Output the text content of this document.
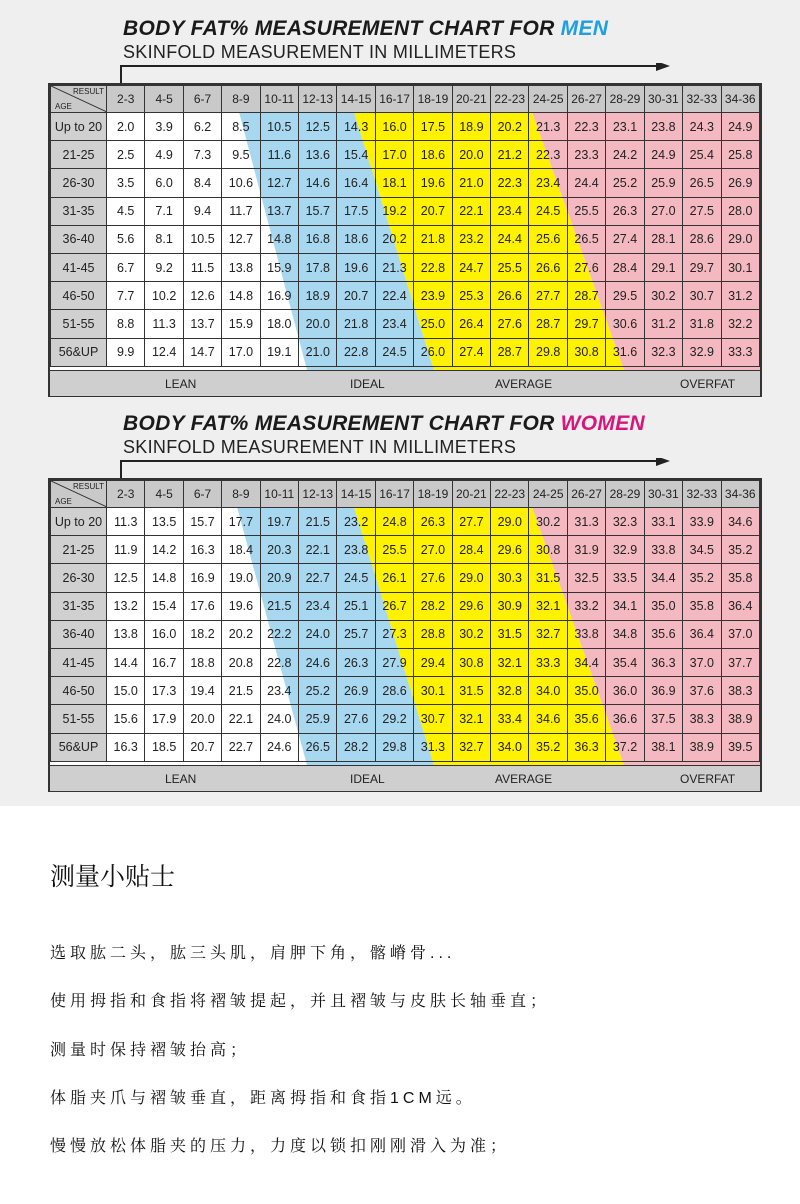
BODY FAT% MEASUREMENT CHART FOR MEN
SKINFOLD MEASUREMENT IN MILLIMETERS
RESULT
AGE	2-3	4-5	6-7	8-9	10-11	12-13	14-15	16-17	18-19	20-21	22-23	24-25	26-27	28-29	30-31	32-33	34-36
Up to 20	2.0	3.9	6.2	8.5	10.5	12.5	14.3	16.0	17.5	18.9	20.2	21.3	22.3	23.1	23.8	24.3	24.9
21-25	2.5	4.9	7.3	9.5	11.6	13.6	15.4	17.0	18.6	20.0	21.2	22.3	23.3	24.2	24.9	25.4	25.8
26-30	3.5	6.0	8.4	10.6	12.7	14.6	16.4	18.1	19.6	21.0	22.3	23.4	24.4	25.2	25.9	26.5	26.9
31-35	4.5	7.1	9.4	11.7	13.7	15.7	17.5	19.2	20.7	22.1	23.4	24.5	25.5	26.3	27.0	27.5	28.0
36-40	5.6	8.1	10.5	12.7	14.8	16.8	18.6	20.2	21.8	23.2	24.4	25.6	26.5	27.4	28.1	28.6	29.0
41-45	6.7	9.2	11.5	13.8	15.9	17.8	19.6	21.3	22.8	24.7	25.5	26.6	27.6	28.4	29.1	29.7	30.1
46-50	7.7	10.2	12.6	14.8	16.9	18.9	20.7	22.4	23.9	25.3	26.6	27.7	28.7	29.5	30.2	30.7	31.2
51-55	8.8	11.3	13.7	15.9	18.0	20.0	21.8	23.4	25.0	26.4	27.6	28.7	29.7	30.6	31.2	31.8	32.2
56&UP	9.9	12.4	14.7	17.0	19.1	21.0	22.8	24.5	26.0	27.4	28.7	29.8	30.8	31.6	32.3	32.9	33.3
LEAN	IDEAL	AVERAGE	OVERFAT
BODY FAT% MEASUREMENT CHART FOR WOMEN
SKINFOLD MEASUREMENT IN MILLIMETERS
RESULT
AGE	2-3	4-5	6-7	8-9	10-11	12-13	14-15	16-17	18-19	20-21	22-23	24-25	26-27	28-29	30-31	32-33	34-36
Up to 20	11.3	13.5	15.7	17.7	19.7	21.5	23.2	24.8	26.3	27.7	29.0	30.2	31.3	32.3	33.1	33.9	34.6
21-25	11.9	14.2	16.3	18.4	20.3	22.1	23.8	25.5	27.0	28.4	29.6	30.8	31.9	32.9	33.8	34.5	35.2
26-30	12.5	14.8	16.9	19.0	20.9	22.7	24.5	26.1	27.6	29.0	30.3	31.5	32.5	33.5	34.4	35.2	35.8
31-35	13.2	15.4	17.6	19.6	21.5	23.4	25.1	26.7	28.2	29.6	30.9	32.1	33.2	34.1	35.0	35.8	36.4
36-40	13.8	16.0	18.2	20.2	22.2	24.0	25.7	27.3	28.8	30.2	31.5	32.7	33.8	34.8	35.6	36.4	37.0
41-45	14.4	16.7	18.8	20.8	22.8	24.6	26.3	27.9	29.4	30.8	32.1	33.3	34.4	35.4	36.3	37.0	37.7
46-50	15.0	17.3	19.4	21.5	23.4	25.2	26.9	28.6	30.1	31.5	32.8	34.0	35.0	36.0	36.9	37.6	38.3
51-55	15.6	17.9	20.0	22.1	24.0	25.9	27.6	29.2	30.7	32.1	33.4	34.6	35.6	36.6	37.5	38.3	38.9
56&UP	16.3	18.5	20.7	22.7	24.6	26.5	28.2	29.8	31.3	32.7	34.0	35.2	36.3	37.2	38.1	38.9	39.5
LEAN	IDEAL	AVERAGE	OVERFAT
测量小贴士
选取肱二头，肱三头肌，肩胛下角，髂嵴骨...
使用拇指和食指将褶皱提起，并且褶皱与皮肤长轴垂直；
测量时保持褶皱抬高；
体脂夹爪与褶皱垂直，距离拇指和食指1CM远。
慢慢放松体脂夹的压力，力度以锁扣刚刚滑入为准；
